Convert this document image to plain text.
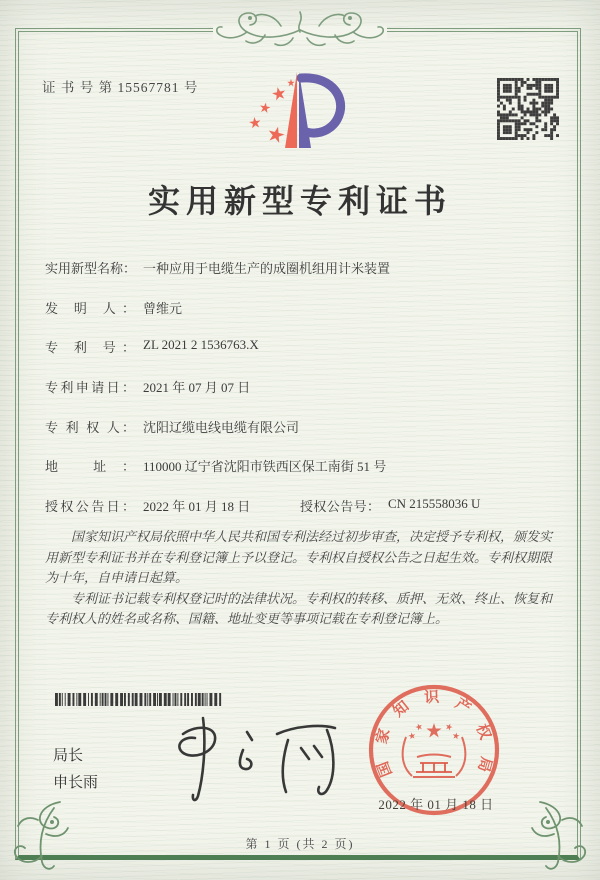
证 书 号 第 15567781 号
实用新型专利证书
实用新型名称： 一种应用于电缆生产的成圈机组用计米装置
发 明 人： 曾维元
专 利 号： ZL 2021 2 1536763.X
专利申请日： 2021 年 07 月 07 日
专 利 权 人： 沈阳辽缆电线电缆有限公司
地 址： 110000 辽宁省沈阳市铁西区保工南街 51 号
授权公告日： 2022 年 01 月 18 日	授权公告号： CN 215558036 U

国家知识产权局依照中华人民共和国专利法经过初步审查，决定授予专利权，颁发实用新型专利证书并在专利登记簿上予以登记。专利权自授权公告之日起生效。专利权期限为十年，自申请日起算。

专利证书记载专利权登记时的法律状况。专利权的转移、质押、无效、终止、恢复和专利权人的姓名或名称、国籍、地址变更等事项记载在专利登记簿上。

局长
申长雨
国家知识产权局
2022 年 01 月 18 日
第 1 页 (共 2 页)
